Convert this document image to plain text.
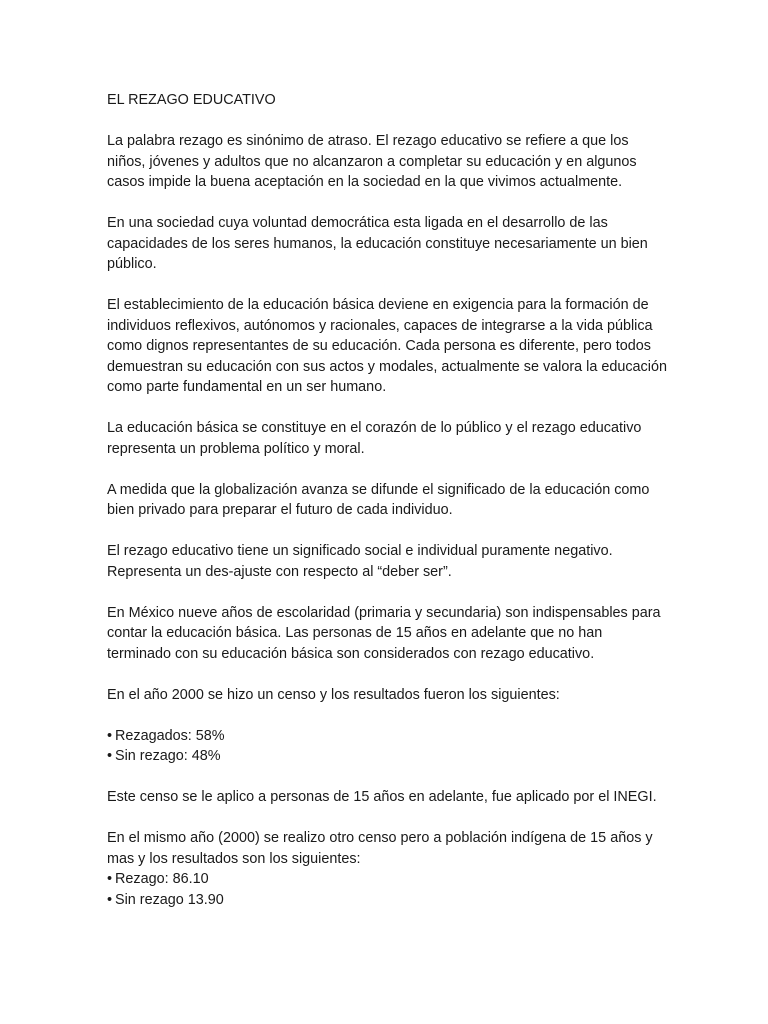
EL REZAGO EDUCATIVO

La palabra rezago es sinónimo de atraso. El rezago educativo se refiere a que los niños, jóvenes y adultos que no alcanzaron a completar su educación y en algunos casos impide la buena aceptación en la sociedad en la que vivimos actualmente.

En una sociedad cuya voluntad democrática esta ligada en el desarrollo de las capacidades de los seres humanos, la educación constituye necesariamente un bien público.

El establecimiento de la educación básica deviene en exigencia para la formación de individuos reflexivos, autónomos y racionales, capaces de integrarse a la vida pública como dignos representantes de su educación. Cada persona es diferente, pero todos demuestran su educación con sus actos y modales, actualmente se valora la educación como parte fundamental en un ser humano.

La educación básica se constituye en el corazón de lo público y el rezago educativo representa un problema político y moral.

A medida que la globalización avanza se difunde el significado de la educación como bien privado para preparar el futuro de cada individuo.

El rezago educativo tiene un significado social e individual puramente negativo. Representa un des-ajuste con respecto al “deber ser”.

En México nueve años de escolaridad (primaria y secundaria) son indispensables para contar la educación básica. Las personas de 15 años en adelante que no han terminado con su educación básica son considerados con rezago educativo.

En el año 2000 se hizo un censo y los resultados fueron los siguientes:

• Rezagados: 58%
• Sin rezago: 48%

Este censo se le aplico a personas de 15 años en adelante, fue aplicado por el INEGI.

En el mismo año (2000) se realizo otro censo pero a población indígena de 15 años y mas y los resultados son los siguientes:

• Rezago: 86.10
• Sin rezago 13.90
